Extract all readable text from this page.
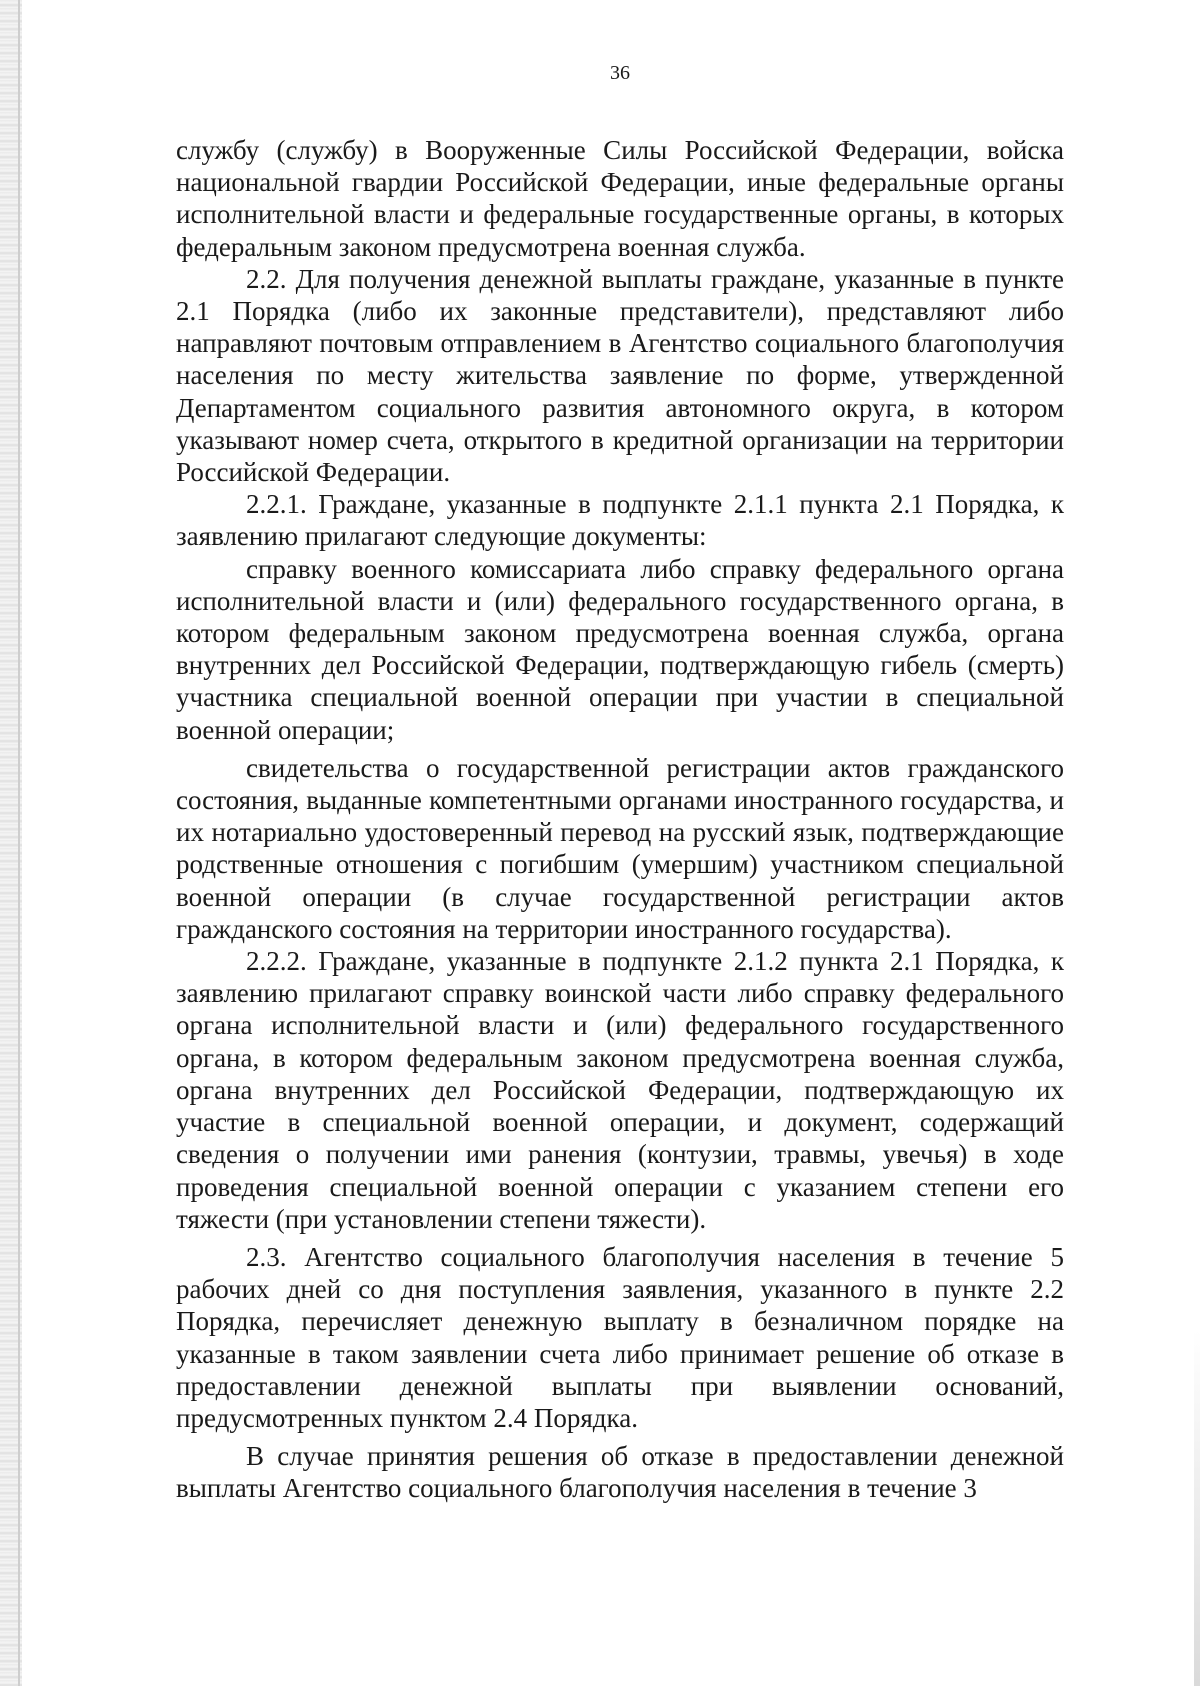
36

службу (службу) в Вооруженные Силы Российской Федерации, войска национальной гвардии Российской Федерации, иные федеральные органы исполнительной власти и федеральные государственные органы, в которых федеральным законом предусмотрена военная служба.

2.2. Для получения денежной выплаты граждане, указанные в пункте 2.1 Порядка (либо их законные представители), представляют либо направляют почтовым отправлением в Агентство социального благополучия населения по месту жительства заявление по форме, утвержденной Департаментом социального развития автономного округа, в котором указывают номер счета, открытого в кредитной организации на территории Российской Федерации.

2.2.1. Граждане, указанные в подпункте 2.1.1 пункта 2.1 Порядка, к заявлению прилагают следующие документы:

справку военного комиссариата либо справку федерального органа исполнительной власти и (или) федерального государственного органа, в котором федеральным законом предусмотрена военная служба, органа внутренних дел Российской Федерации, подтверждающую гибель (смерть) участника специальной военной операции при участии в специальной военной операции;

свидетельства о государственной регистрации актов гражданского состояния, выданные компетентными органами иностранного государства, и их нотариально удостоверенный перевод на русский язык, подтверждающие родственные отношения с погибшим (умершим) участником специальной военной операции (в случае государственной регистрации актов гражданского состояния на территории иностранного государства).

2.2.2. Граждане, указанные в подпункте 2.1.2 пункта 2.1 Порядка, к заявлению прилагают справку воинской части либо справку федерального органа исполнительной власти и (или) федерального государственного органа, в котором федеральным законом предусмотрена военная служба, органа внутренних дел Российской Федерации, подтверждающую их участие в специальной военной операции, и документ, содержащий сведения о получении ими ранения (контузии, травмы, увечья) в ходе проведения специальной военной операции с указанием степени его тяжести (при установлении степени тяжести).

2.3. Агентство социального благополучия населения в течение 5 рабочих дней со дня поступления заявления, указанного в пункте 2.2 Порядка, перечисляет денежную выплату в безналичном порядке на указанные в таком заявлении счета либо принимает решение об отказе в предоставлении денежной выплаты при выявлении оснований, предусмотренных пунктом 2.4 Порядка.

В случае принятия решения об отказе в предоставлении денежной выплаты Агентство социального благополучия населения в течение 3
